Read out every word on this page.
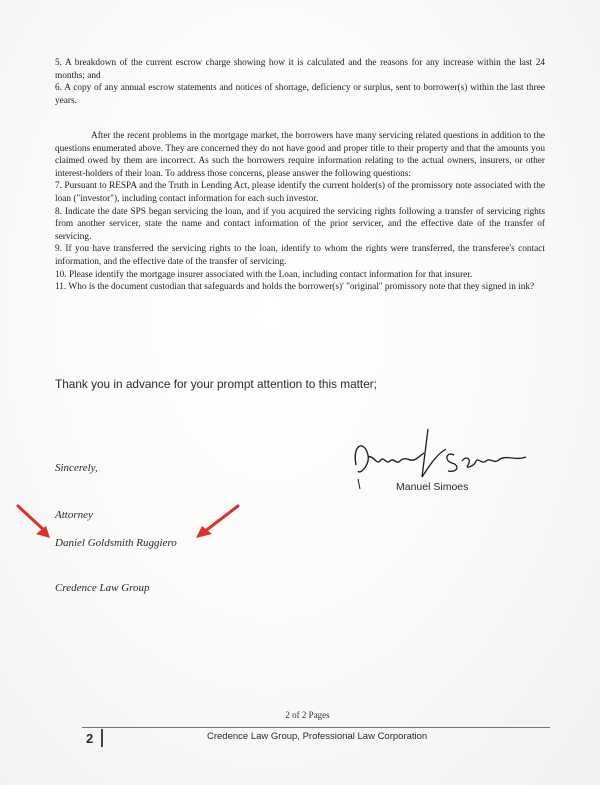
5. A breakdown of the current escrow charge showing how it is calculated and the reasons for any increase within the last 24 months; and

6. A copy of any annual escrow statements and notices of shortage, deficiency or surplus, sent to borrower(s) within the last three years.

After the recent problems in the mortgage market, the borrowers have many servicing related questions in addition to the questions enumerated above. They are concerned they do not have good and proper title to their property and that the amounts you claimed owed by them are incorrect. As such the borrowers require information relating to the actual owners, insurers, or other interest-holders of their loan. To address those concerns, please answer the following questions:

7. Pursuant to RESPA and the Truth in Lending Act, please identify the current holder(s) of the promissory note associated with the loan ("investor"), including contact information for each such investor.

8. Indicate the date SPS began servicing the loan, and if you acquired the servicing rights following a transfer of servicing rights from another servicer, state the name and contact information of the prior servicer, and the effective date of the transfer of servicing.

9. If you have transferred the servicing rights to the loan, identify to whom the rights were transferred, the transferee's contact information, and the effective date of the transfer of servicing.

10. Please identify the mortgage insurer associated with the Loan, including contact information for that insurer.

11. Who is the document custodian that safeguards and holds the borrower(s)' "original" promissory note that they signed in ink?

Thank you in advance for your prompt attention to this matter;
Sincerely,
Manuel Simoes
Attorney
Daniel Goldsmith Ruggiero
Credence Law Group
2 of 2 Pages
2	Credence Law Group, Professional Law Corporation
